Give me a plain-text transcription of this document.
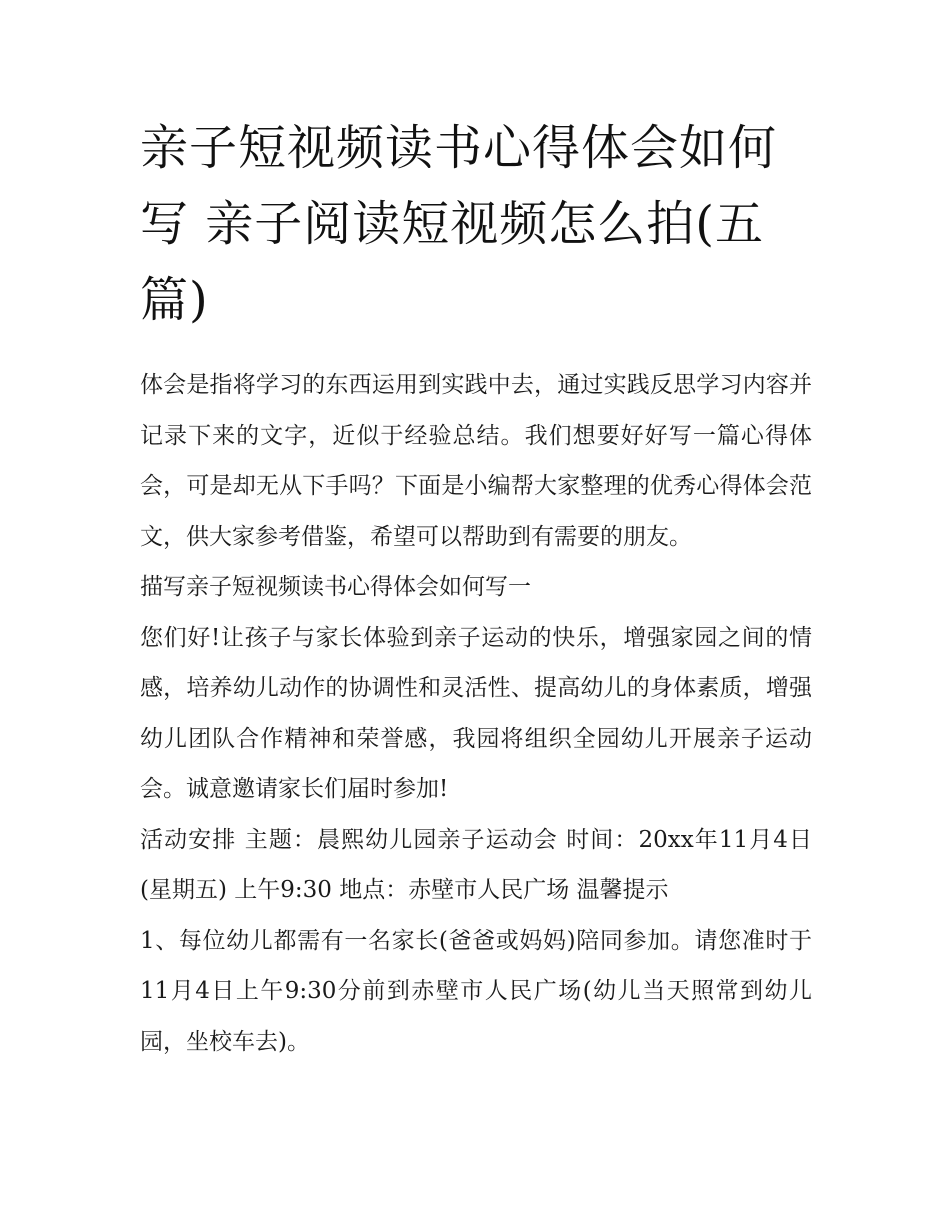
亲子短视频读书心得体会如何写 亲子阅读短视频怎么拍(五篇)

体会是指将学习的东西运用到实践中去，通过实践反思学习内容并记录下来的文字，近似于经验总结。我们想要好好写一篇心得体会，可是却无从下手吗？下面是小编帮大家整理的优秀心得体会范文，供大家参考借鉴，希望可以帮助到有需要的朋友。

描写亲子短视频读书心得体会如何写一

您们好!让孩子与家长体验到亲子运动的快乐，增强家园之间的情感，培养幼儿动作的协调性和灵活性、提高幼儿的身体素质，增强幼儿团队合作精神和荣誉感，我园将组织全园幼儿开展亲子运动会。诚意邀请家长们届时参加!

活动安排 主题：晨熙幼儿园亲子运动会 时间：20xx年11月4日(星期五) 上午9:30 地点：赤壁市人民广场 温馨提示

1、每位幼儿都需有一名家长(爸爸或妈妈)陪同参加。请您准时于11月4日上午9:30分前到赤壁市人民广场(幼儿当天照常到幼儿园，坐校车去)。
